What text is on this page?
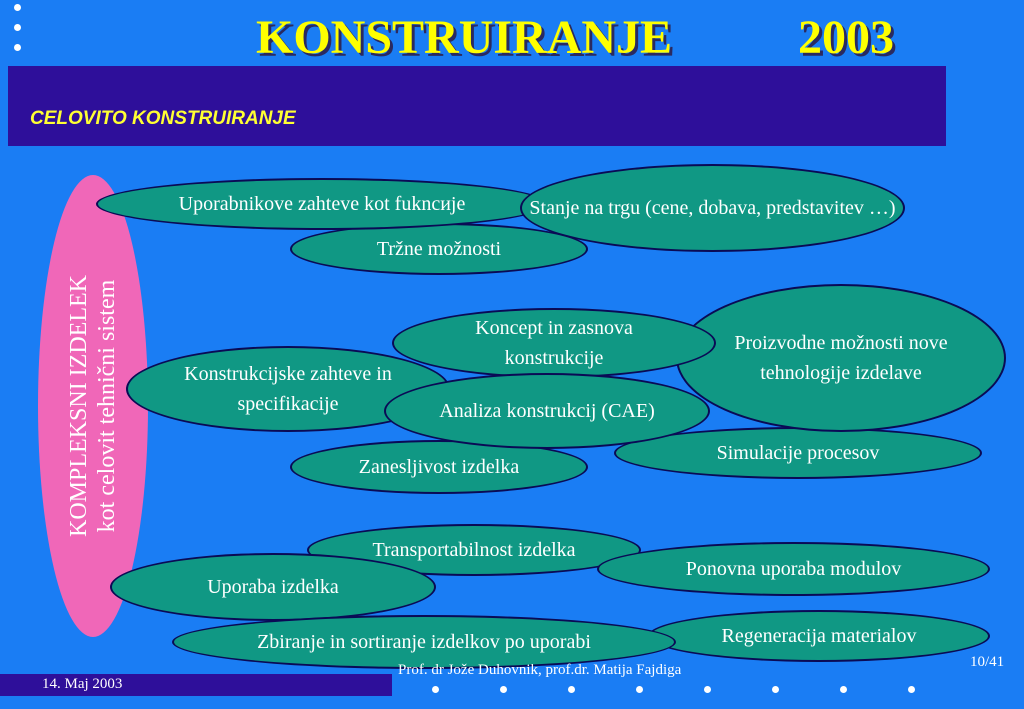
KONSTRUIRANJE	2003
CELOVITO KONSTRUIRANJE
KOMPLEKSNI IZDELEK kot celovit tehnični sistem
Tržne možnosti
Uporabnikove zahteve kot fukncиje	Stanje na trgu (cene, dobava, predstavitev …)
Simulacije procesov
Zanesljivost izdelka
Konstrukcijske zahteve in specifikacije
Proizvodne možnosti nove tehnologije izdelave
Koncept in zasnova konstrukcije
Analiza konstrukcij (CAE)
Transportabilnost izdelka
Ponovna uporaba modulov
Uporaba izdelka
Regeneracija materialov
Zbiranje in sortiranje izdelkov po uporabi
14. Maj 2003
Prof. dr Jože Duhovnik, prof.dr. Matija Fajdiga	10/41
